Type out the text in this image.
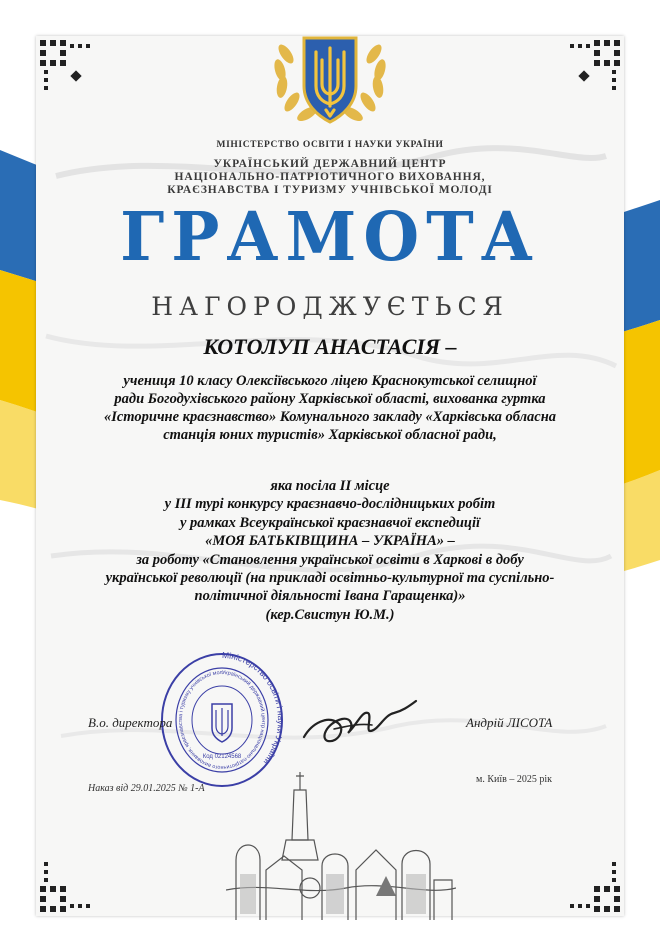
МІНІСТЕРСТВО ОСВІТИ І НАУКИ УКРАЇНИ
УКРАЇНСЬКИЙ ДЕРЖАВНИЙ ЦЕНТР
НАЦІОНАЛЬНО-ПАТРІОТИЧНОГО ВИХОВАННЯ,
КРАЄЗНАВСТВА І ТУРИЗМУ УЧНІВСЬКОЇ МОЛОДІ
ГРАМОТА
НАГОРОДЖУЄТЬСЯ
КОТОЛУП АНАСТАСІЯ –
учениця 10 класу Олексіївського ліцею Краснокутської селищної
ради Богодухівського району Харківської області, вихованка гуртка
«Історичне краєзнавство» Комунального закладу «Харківська обласна
станція юних туристів» Харківської обласної ради,
яка посіла ІІ місце
у ІІІ турі конкурсу краєзнавчо-дослідницьких робіт
у рамках Всеукраїнської краєзнавчої експедиції
«МОЯ БАТЬКІВЩИНА – УКРАЇНА» –
за роботу «Становлення української освіти в Харкові в добу
української революції (на прикладі освітньо-культурної та суспільно-
політичної діяльності Івана Гаращенка)»
(кер.Свистун Ю.М.)
Міністерство освіти і науки України
Український державний центр національно-патріотичного виховання, краєзнавства і туризму учнівської мол
Код 02124568
В.о. директора	Андрій ЛІСОТА
Наказ від 29.01.2025 № 1-А
м. Київ – 2025 рік
